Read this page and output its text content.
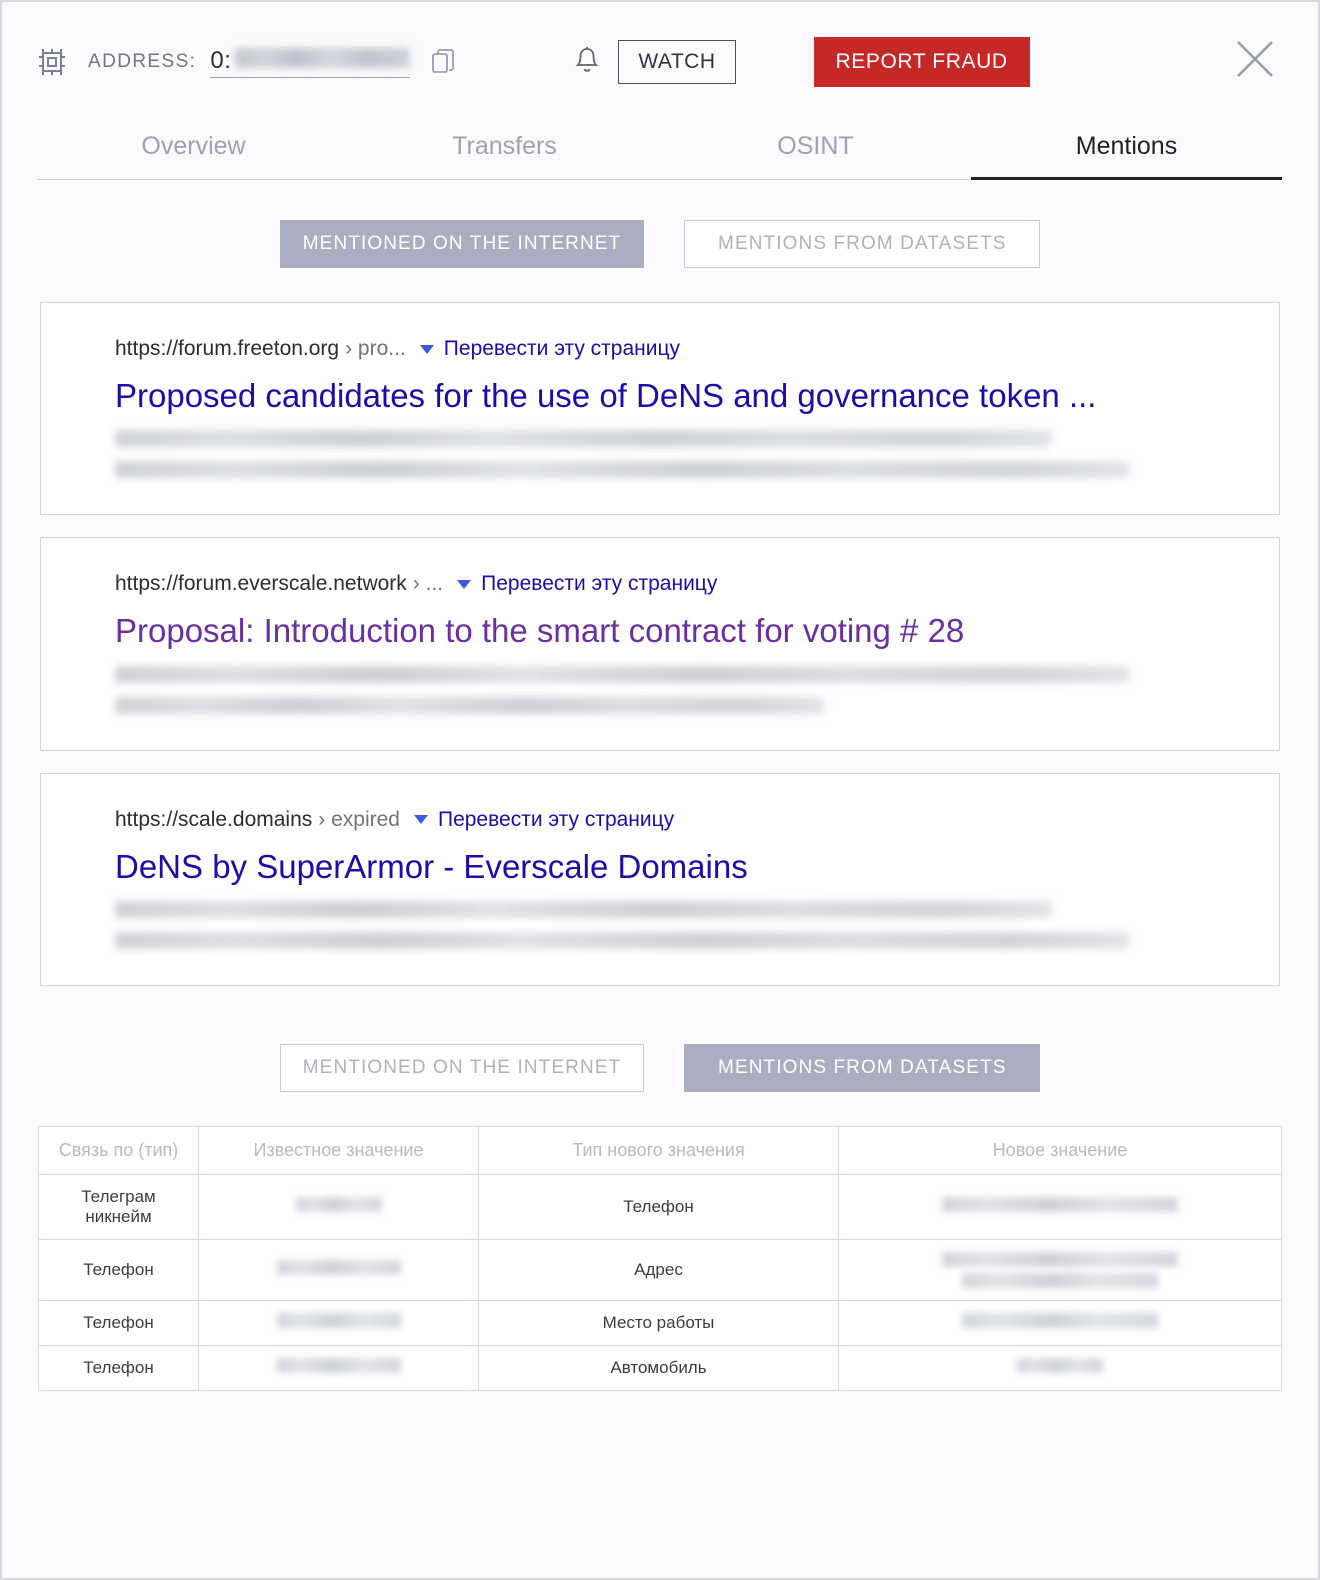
ADDRESS: 0:	WATCH	REPORT FRAUD
Overview	Transfers	OSINT	Mentions
MENTIONED ON THE INTERNET	MENTIONS FROM DATASETS
https://forum.freeton.org › pro... Перевести эту страницу
Proposed candidates for the use of DeNS and governance token ...
https://forum.everscale.network › ... Перевести эту страницу
Proposal: Introduction to the smart contract for voting # 28
https://scale.domains › expired Перевести эту страницу
DeNS by SuperArmor - Everscale Domains
MENTIONED ON THE INTERNET	MENTIONS FROM DATASETS
Связь по (тип)	Известное значение	Тип нового значения	Новое значение
Телеграм никнейм		Телефон	
Телефон		Адрес	

Телефон		Место работы	
Телефон		Автомобиль	
